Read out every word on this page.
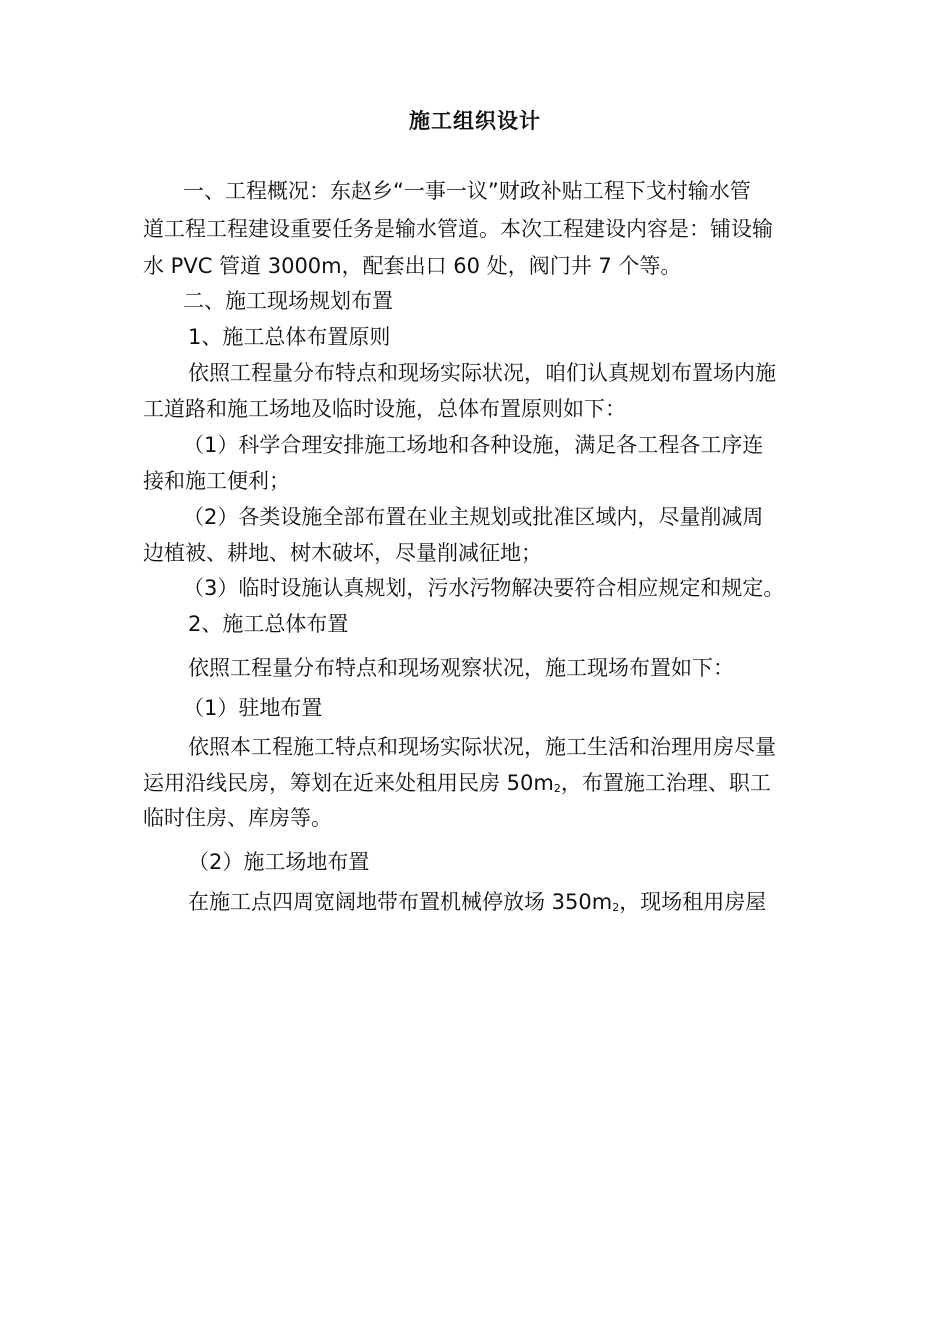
施工组织设计
一、工程概况：东赵乡“一事一议”财政补贴工程下戈村输水管
道工程工程建设重要任务是输水管道。本次工程建设内容是：铺设输
水 PVC 管道 3000m，配套出口 60 处，阀门井 7 个等。
二、施工现场规划布置
1、施工总体布置原则
依照工程量分布特点和现场实际状况，咱们认真规划布置场内施
工道路和施工场地及临时设施，总体布置原则如下：
（1）科学合理安排施工场地和各种设施，满足各工程各工序连
接和施工便利；
（2）各类设施全部布置在业主规划或批准区域内，尽量削减周
边植被、耕地、树木破坏，尽量削减征地；
（3）临时设施认真规划，污水污物解决要符合相应规定和规定。
2、施工总体布置
依照工程量分布特点和现场观察状况，施工现场布置如下：
（1）驻地布置
依照本工程施工特点和现场实际状况，施工生活和治理用房尽量
运用沿线民房，筹划在近来处租用民房 $50m_2$，布置施工治理、职工
临时住房、库房等。
（2）施工场地布置
在施工点四周宽阔地带布置机械停放场 $350m_2$，现场租用房屋
